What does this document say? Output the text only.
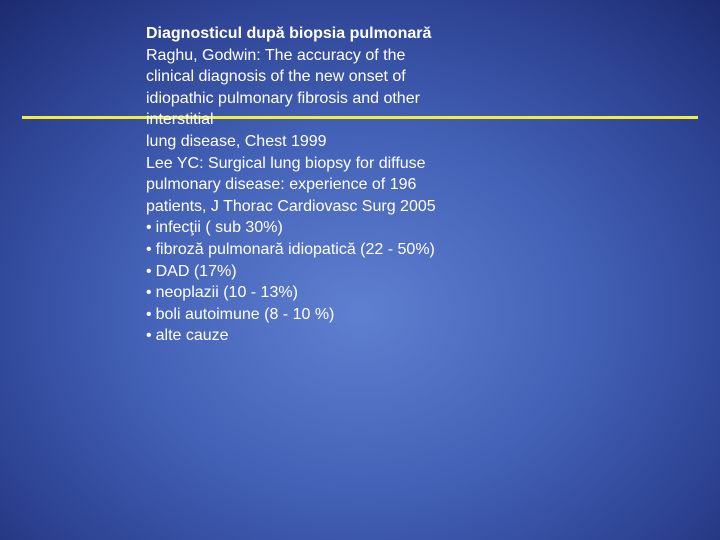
Diagnosticul după biopsia pulmonară
Raghu, Godwin: The accuracy of the
clinical diagnosis of the new onset of
idiopathic pulmonary fibrosis and other
interstitial
lung disease, Chest 1999
Lee YC: Surgical lung biopsy for diffuse
pulmonary disease: experience of 196
patients, J Thorac Cardiovasc Surg 2005
• infecţii ( sub 30%)
• fibroză pulmonară idiopatică (22 - 50%)
• DAD (17%)
• neoplazii (10 - 13%)
• boli autoimune (8 - 10 %)
• alte cauze
